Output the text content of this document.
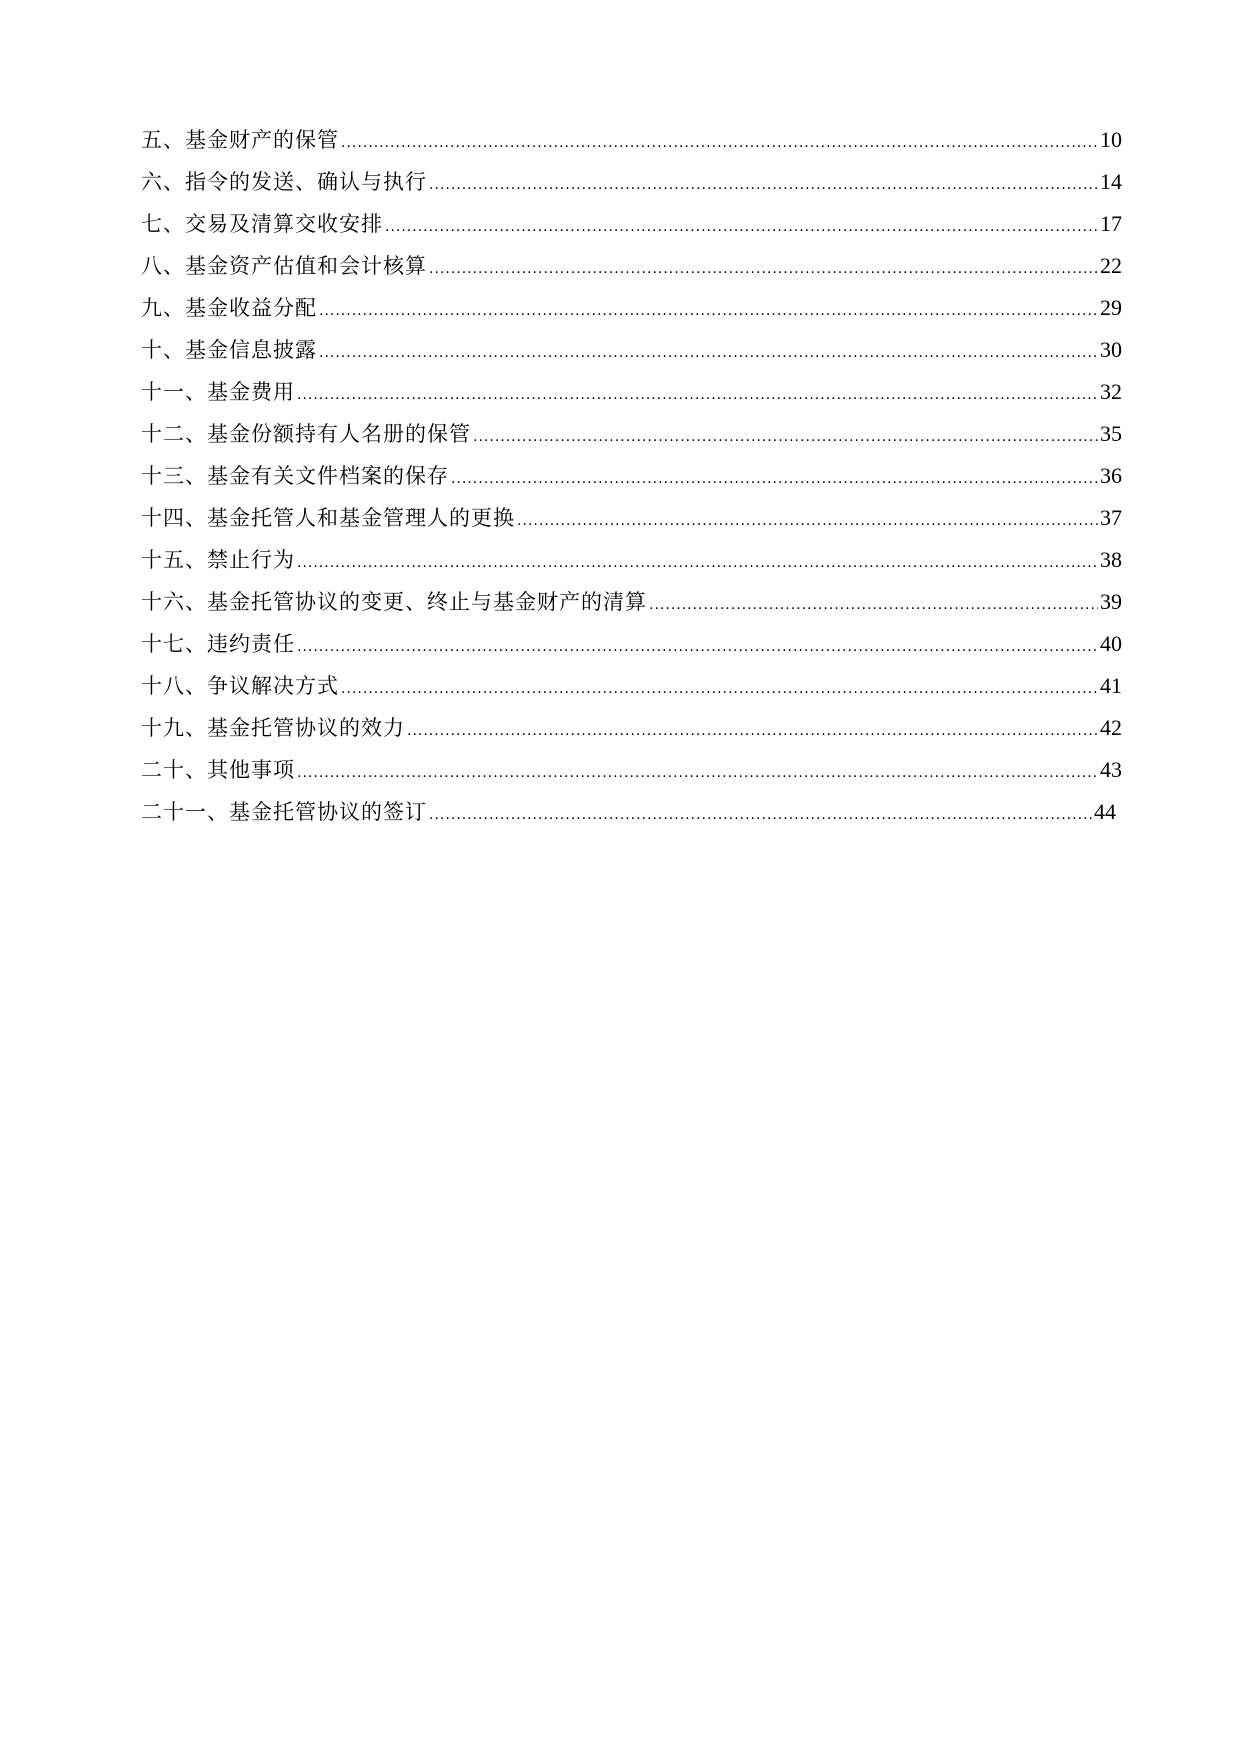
五、基金财产的保管 .....	10
六、指令的发送、确认与执行 .....	14
七、交易及清算交收安排 .....	17
八、基金资产估值和会计核算 .....	22
九、基金收益分配 .....	29
十、基金信息披露 .....	30
十一、基金费用 .....	32
十二、基金份额持有人名册的保管 .....	35
十三、基金有关文件档案的保存 .....	36
十四、基金托管人和基金管理人的更换 .....	37
十五、禁止行为 .....	38
十六、基金托管协议的变更、终止与基金财产的清算 .....	39
十七、违约责任 .....	40
十八、争议解决方式 .....	41
十九、基金托管协议的效力 .....	42
二十、其他事项 .....	43
二十一、基金托管协议的签订 .....	44
